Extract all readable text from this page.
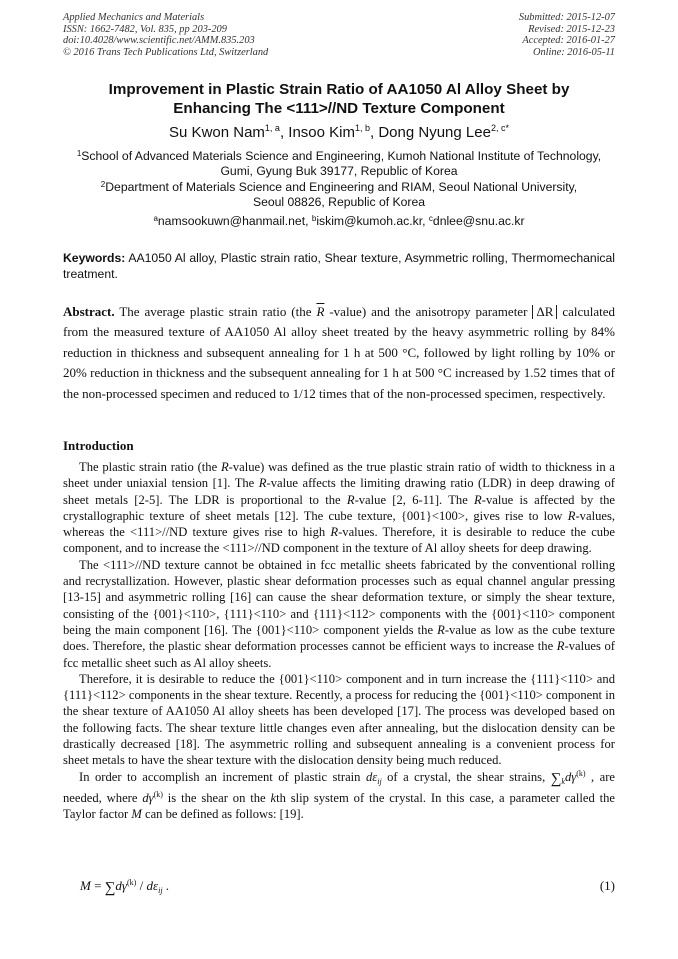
Applied Mechanics and Materials
ISSN: 1662-7482, Vol. 835, pp 203-209
doi:10.4028/www.scientific.net/AMM.835.203
© 2016 Trans Tech Publications Ltd, Switzerland
Submitted: 2015-12-07
Revised: 2015-12-23
Accepted: 2016-01-27
Online: 2016-05-11
Improvement in Plastic Strain Ratio of AA1050 Al Alloy Sheet by
Enhancing The <111>//ND Texture Component
Su Kwon Nam$^{1, a}$, Insoo Kim$^{1, b}$, Dong Nyung Lee$^{2, c*}$
$^1$School of Advanced Materials Science and Engineering, Kumoh National Institute of Technology,
Gumi, Gyung Buk 39177, Republic of Korea
$^2$Department of Materials Science and Engineering and RIAM, Seoul National University,
Seoul 08826, Republic of Korea
$^a$namsookuwn@hanmail.net, $^b$iskim@kumoh.ac.kr, $^c$dnlee@snu.ac.kr
Keywords: AA1050 Al alloy, Plastic strain ratio, Shear texture, Asymmetric rolling, Thermomechanical treatment.
Abstract. The average plastic strain ratio (the $\overline{R}$ -value) and the anisotropy parameter ΔR calculated from the measured texture of AA1050 Al alloy sheet treated by the heavy asymmetric rolling by 84% reduction in thickness and subsequent annealing for 1 h at 500 °C, followed by light rolling by 10% or 20% reduction in thickness and the subsequent annealing for 1 h at 500 °C increased by 1.52 times that of the non-processed specimen and reduced to 1/12 times that of the non-processed specimen, respectively.
Introduction

The plastic strain ratio (the R-value) was defined as the true plastic strain ratio of width to thickness in a sheet under uniaxial tension [1]. The R-value affects the limiting drawing ratio (LDR) in deep drawing of sheet metals [2-5]. The LDR is proportional to the R-value [2, 6-11]. The R-value is affected by the crystallographic texture of sheet metals [12]. The cube texture, {001}<100>, gives rise to low R-values, whereas the <111>//ND texture gives rise to high R-values. Therefore, it is desirable to reduce the cube component, and to increase the <111>//ND component in the texture of Al alloy sheets for deep drawing.

The <111>//ND texture cannot be obtained in fcc metallic sheets fabricated by the conventional rolling and recrystallization. However, plastic shear deformation processes such as equal channel angular pressing [13-15] and asymmetric rolling [16] can cause the shear deformation texture, or simply the shear texture, consisting of the {001}<110>, {111}<110> and {111}<112> components with the {001}<110> component being the main component [16]. The {001}<110> component yields the R-value as low as the cube texture does. Therefore, the plastic shear deformation processes cannot be efficient ways to increase the R-values of fcc metallic sheet such as Al alloy sheets.

Therefore, it is desirable to reduce the {001}<110> component and in turn increase the {111}<110> and {111}<112> components in the shear texture. Recently, a process for reducing the {001}<110> component in the shear texture of AA1050 Al alloy sheets has been developed [17]. The process was developed based on the following facts. The shear texture little changes even after annealing, but the dislocation density can be drastically decreased [18]. The asymmetric rolling and subsequent annealing is a convenient process for sheet metals to have the shear texture with the dislocation density being much reduced.

In order to accomplish an increment of plastic strain $d\varepsilon_{ij}$ of a crystal, the shear strains, $\sum_kd\gamma^{(k)}$ , are needed, where $d\gamma^{(k)}$ is the shear on the kth slip system of the crystal. In this case, a parameter called the Taylor factor M can be defined as follows: [19].

$M = \sum d\gamma^{(k)} / d\varepsilon_{ij}$ .	(1)
